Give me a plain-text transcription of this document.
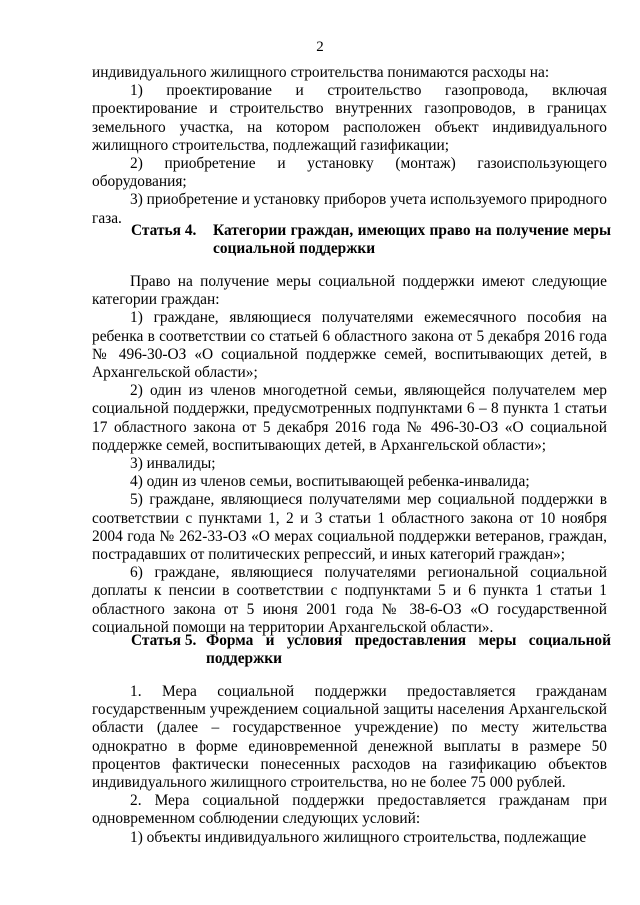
2

индивидуального жилищного строительства понимаются расходы на:

1) проектирование и строительство газопровода, включая проектирование и строительство внутренних газопроводов, в границах земельного участка, на котором расположен объект индивидуального жилищного строительства, подлежащий газификации;

2) приобретение и установку (монтаж) газоиспользующего оборудования;

3) приобретение и установку приборов учета используемого природного газа.

Статья 4. Категории граждан, имеющих право на получение меры социальной поддержки

Право на получение меры социальной поддержки имеют следующие категории граждан:

1) граждане, являющиеся получателями ежемесячного пособия на ребенка в соответствии со статьей 6 областного закона от 5 декабря 2016 года № 496-30-ОЗ «О социальной поддержке семей, воспитывающих детей, в Архангельской области»;

2) один из членов многодетной семьи, являющейся получателем мер социальной поддержки, предусмотренных подпунктами 6 – 8 пункта 1 статьи 17 областного закона от 5 декабря 2016 года № 496-30-ОЗ «О социальной поддержке семей, воспитывающих детей, в Архангельской области»;

3) инвалиды;

4) один из членов семьи, воспитывающей ребенка-инвалида;

5) граждане, являющиеся получателями мер социальной поддержки в соответствии с пунктами 1, 2 и 3 статьи 1 областного закона от 10 ноября 2004 года № 262-33-ОЗ «О мерах социальной поддержки ветеранов, граждан, пострадавших от политических репрессий, и иных категорий граждан»;

6) граждане, являющиеся получателями региональной социальной доплаты к пенсии в соответствии с подпунктами 5 и 6 пункта 1 статьи 1 областного закона от 5 июня 2001 года № 38-6-ОЗ «О государственной социальной помощи на территории Архангельской области».

Статья 5. Форма и условия предоставления меры социальной поддержки

1. Мера социальной поддержки предоставляется гражданам государственным учреждением социальной защиты населения Архангельской области (далее – государственное учреждение) по месту жительства однократно в форме единовременной денежной выплаты в размере 50 процентов фактически понесенных расходов на газификацию объектов индивидуального жилищного строительства, но не более 75 000 рублей.

2. Мера социальной поддержки предоставляется гражданам при одновременном соблюдении следующих условий:

1) объекты индивидуального жилищного строительства, подлежащие
